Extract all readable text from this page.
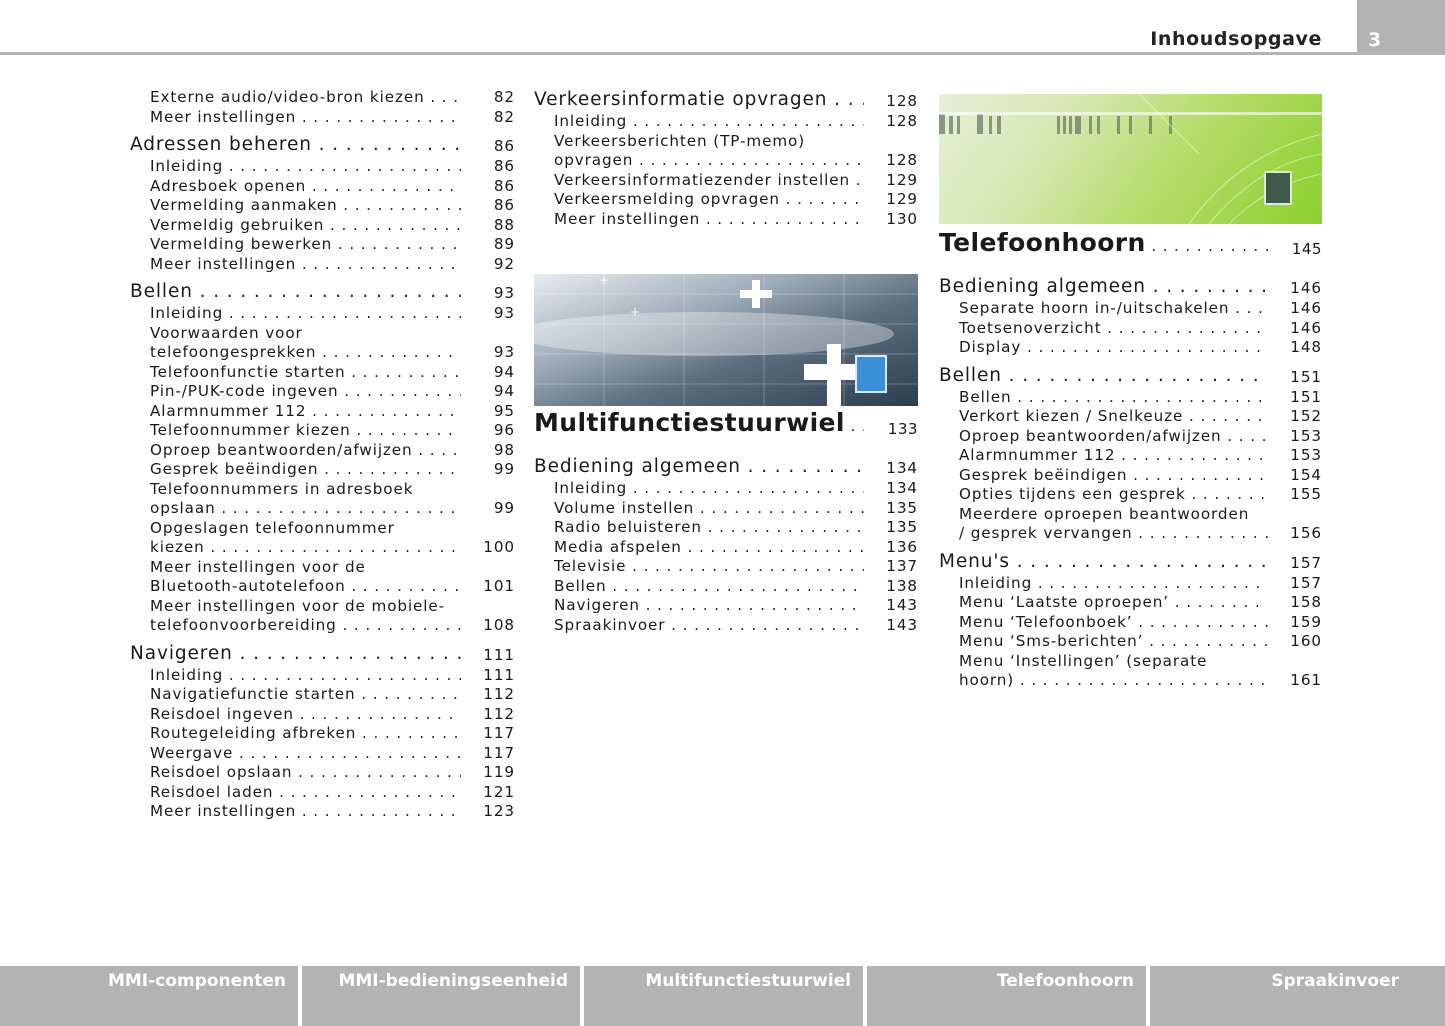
Inhoudsopgave	3
Externe audio/video-bron kiezen . . .	82
Meer instellingen . . .	82
Adressen beheren . . .	86
Inleiding . . .	86
Adresboek openen . . .	86
Vermelding aanmaken . . .	86
Vermeldig gebruiken . . .	88
Vermelding bewerken . . .	89
Meer instellingen . . .	92
Bellen . . .	93
Inleiding . . .	93
Voorwaarden voor
telefoongesprekken . . .	93
Telefoonfunctie starten . . .	94
Pin-/PUK-code ingeven . . .	94
Alarmnummer 112 . . .	95
Telefoonnummer kiezen . . .	96
Oproep beantwoorden/afwijzen . . .	98
Gesprek beëindigen . . .	99
Telefoonnummers in adresboek
opslaan . . .	99
Opgeslagen telefoonnummer
kiezen . . .	100
Meer instellingen voor de
Bluetooth-autotelefoon . . .	101
Meer instellingen voor de mobiele-
telefoonvoorbereiding . . .	108
Navigeren . . .	111
Inleiding . . .	111
Navigatiefunctie starten . . .	112
Reisdoel ingeven . . .	112
Routegeleiding afbreken . . .	117
Weergave . . .	117
Reisdoel opslaan . . .	119
Reisdoel laden . . .	121
Meer instellingen . . .	123
Verkeersinformatie opvragen . . .	128
Inleiding . . .	128
Verkeersberichten (TP-memo)
opvragen . . .	128
Verkeersinformatiezender instellen . . .	129
Verkeersmelding opvragen . . .	129
Meer instellingen . . .	130
+
+
Multifunctiestuurwiel . . .	133
Bediening algemeen . . .	134
Inleiding . . .	134
Volume instellen . . .	135
Radio beluisteren . . .	135
Media afspelen . . .	136
Televisie . . .	137
Bellen . . .	138
Navigeren . . .	143
Spraakinvoer . . .	143
Telefoonhoorn . . .	145
Bediening algemeen . . .	146
Separate hoorn in-/uitschakelen . . .	146
Toetsenoverzicht . . .	146
Display . . .	148
Bellen . . .	151
Bellen . . .	151
Verkort kiezen / Snelkeuze . . .	152
Oproep beantwoorden/afwijzen . . .	153
Alarmnummer 112 . . .	153
Gesprek beëindigen . . .	154
Opties tijdens een gesprek . . .	155
Meerdere oproepen beantwoorden
/ gesprek vervangen . . .	156
Menu's . . .	157
Inleiding . . .	157
Menu ‘Laatste oproepen’ . . .	158
Menu ‘Telefoonboek’ . . .	159
Menu ‘Sms-berichten’ . . .	160
Menu ‘Instellingen’ (separate
hoorn) . . .	161
MMI-componenten	MMI-bedieningseenheid	Multifunctiestuurwiel	Telefoonhoorn	Spraakinvoer
